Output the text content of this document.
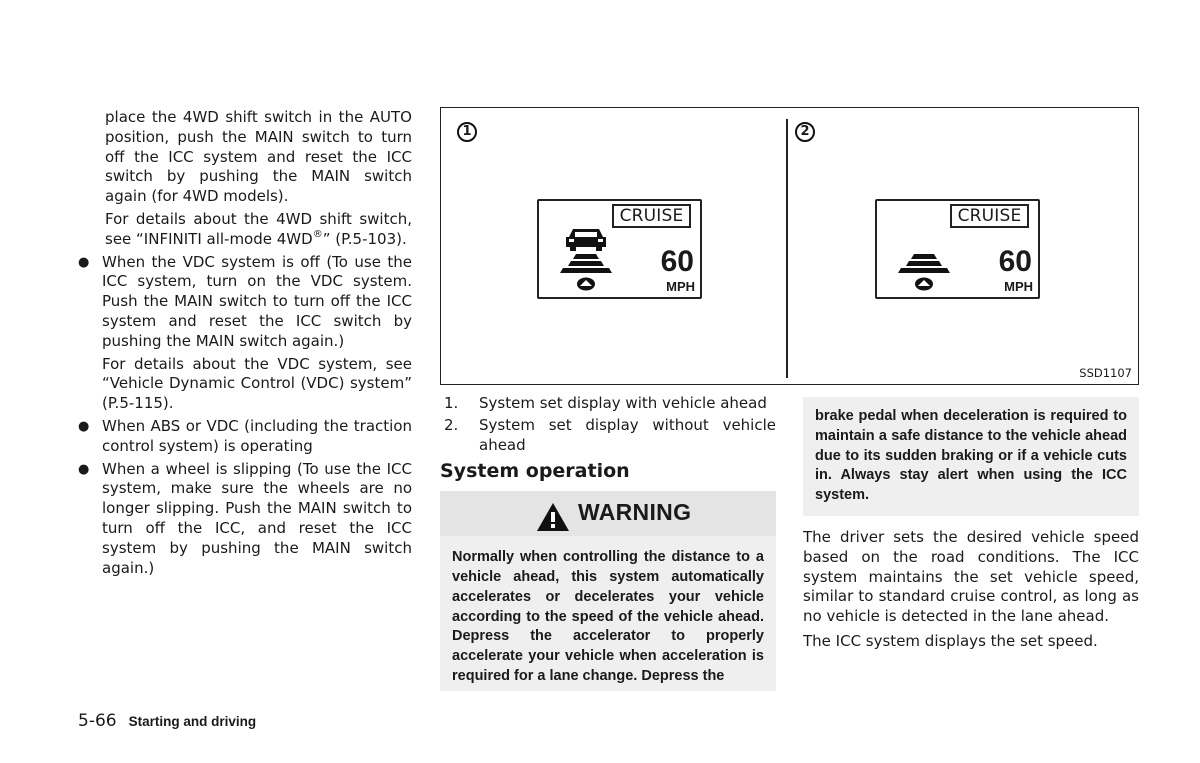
place the 4WD shift switch in the AUTO position, push the MAIN switch to turn off the ICC system and reset the ICC switch by pushing the MAIN switch again (for 4WD models).

For details about the 4WD shift switch, see “INFINITI all-mode 4WD®” (P.5-103).

● When the VDC system is off (To use the ICC system, turn on the VDC system. Push the MAIN switch to turn off the ICC system and reset the ICC switch by pushing the MAIN switch again.)

For details about the VDC system, see “Vehicle Dynamic Control (VDC) system” (P.5-115).

● When ABS or VDC (including the traction control system) is operating

● When a wheel is slipping (To use the ICC system, make sure the wheels are no longer slipping. Push the MAIN switch to turn off the ICC, and reset the ICC system by pushing the MAIN switch again.)

1
CRUISE
60
MPH
2
CRUISE
60
MPH
SSD1107
1. System set display with vehicle ahead

2. System set display without vehicle ahead

System operation
WARNING
Normally when controlling the distance to a vehicle ahead, this system automatically accelerates or decelerates your vehicle according to the speed of the vehicle ahead. Depress the accelerator to properly accelerate your vehicle when acceleration is required for a lane change. Depress the
brake pedal when deceleration is required to maintain a safe distance to the vehicle ahead due to its sudden braking or if a vehicle cuts in. Always stay alert when using the ICC system.

The driver sets the desired vehicle speed based on the road conditions. The ICC system maintains the set vehicle speed, similar to standard cruise control, as long as no vehicle is detected in the lane ahead.

The ICC system displays the set speed.

5-66 Starting and driving
